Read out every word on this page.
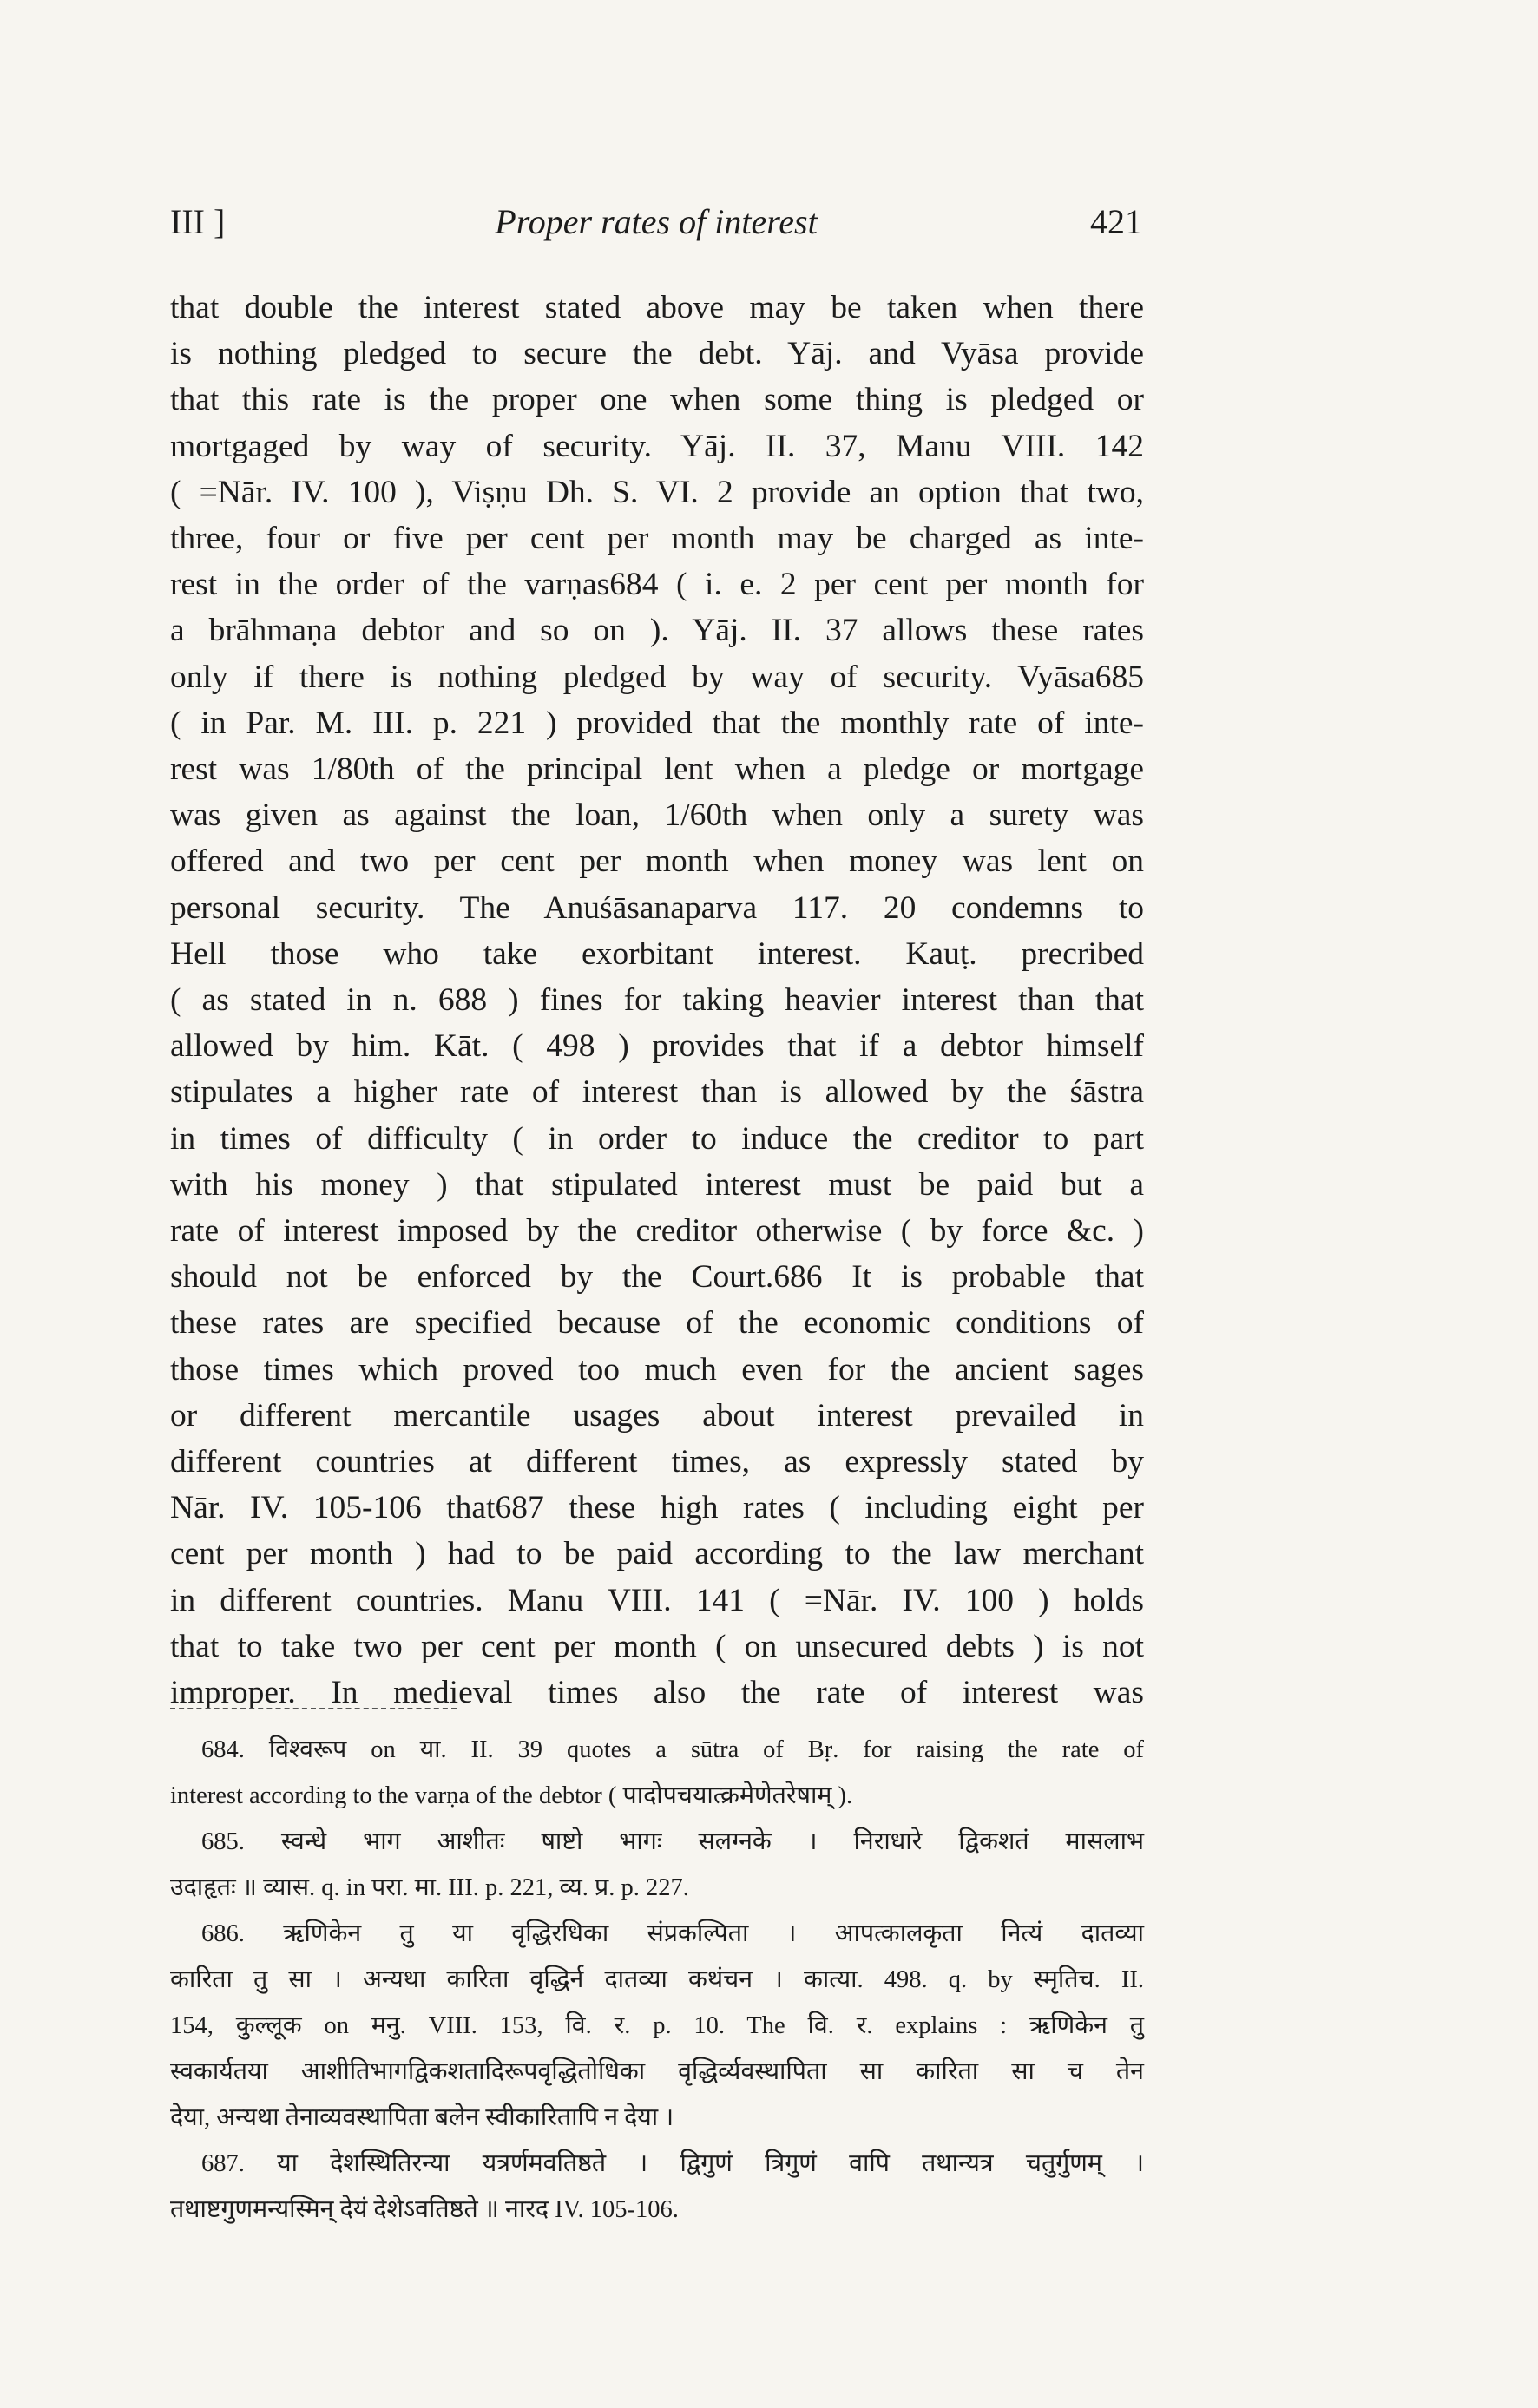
III ]	Proper rates of interest	421
that double the interest stated above may be taken when there
is nothing pledged to secure the debt. Yāj. and Vyāsa provide
that this rate is the proper one when some thing is pledged or
mortgaged by way of security. Yāj. II. 37, Manu VIII. 142
( =Nār. IV. 100 ), Viṣṇu Dh. S. VI. 2 provide an option that two,
three, four or five per cent per month may be charged as inte-
rest in the order of the varṇas684 ( i. e. 2 per cent per month for
a brāhmaṇa debtor and so on ). Yāj. II. 37 allows these rates
only if there is nothing pledged by way of security. Vyāsa685
( in Par. M. III. p. 221 ) provided that the monthly rate of inte-
rest was 1/80th of the principal lent when a pledge or mortgage
was given as against the loan, 1/60th when only a surety was
offered and two per cent per month when money was lent on
personal security. The Anuśāsanaparva 117. 20 condemns to
Hell those who take exorbitant interest. Kauṭ. precribed
( as stated in n. 688 ) fines for taking heavier interest than that
allowed by him. Kāt. ( 498 ) provides that if a debtor himself
stipulates a higher rate of interest than is allowed by the śāstra
in times of difficulty ( in order to induce the creditor to part
with his money ) that stipulated interest must be paid but a
rate of interest imposed by the creditor otherwise ( by force &c. )
should not be enforced by the Court.686 It is probable that
these rates are specified because of the economic conditions of
those times which proved too much even for the ancient sages
or different mercantile usages about interest prevailed in
different countries at different times, as expressly stated by
Nār. IV. 105-106 that687 these high rates ( including eight per
cent per month ) had to be paid according to the law merchant
in different countries. Manu VIII. 141 ( =Nār. IV. 100 ) holds
that to take two per cent per month ( on unsecured debts ) is not
improper. In medieval times also the rate of interest was
684. विश्वरूप on या. II. 39 quotes a sūtra of Bṛ. for raising the rate of
interest according to the varṇa of the debtor ( पादोपचयात्क्रमेणेतरेषाम् ).
685. स्वन्धे भाग आशीतः षाष्टो भागः सलग्नके । निराधारे द्विकशतं मासलाभ
उदाहृतः ॥ व्यास. q. in परा. मा. III. p. 221, व्य. प्र. p. 227.
686. ऋणिकेन तु या वृद्धिरधिका संप्रकल्पिता । आपत्कालकृता नित्यं दातव्या
कारिता तु सा । अन्यथा कारिता वृद्धिर्न दातव्या कथंचन । कात्या. 498. q. by स्मृतिच. II.
154, कुल्लूक on मनु. VIII. 153, वि. र. p. 10. The वि. र. explains : ऋणिकेन तु
स्वकार्यतया आशीतिभागद्विकशतादिरूपवृद्धितोधिका वृद्धिर्व्यवस्थापिता सा कारिता सा च तेन
देया, अन्यथा तेनाव्यवस्थापिता बलेन स्वीकारितापि न देया ।
687. या देशस्थितिरन्या यत्रर्णमवतिष्ठते । द्विगुणं त्रिगुणं वापि तथान्यत्र चतुर्गुणम् ।
तथाष्टगुणमन्यस्मिन् देयं देशेऽवतिष्ठते ॥ नारद IV. 105-106.
